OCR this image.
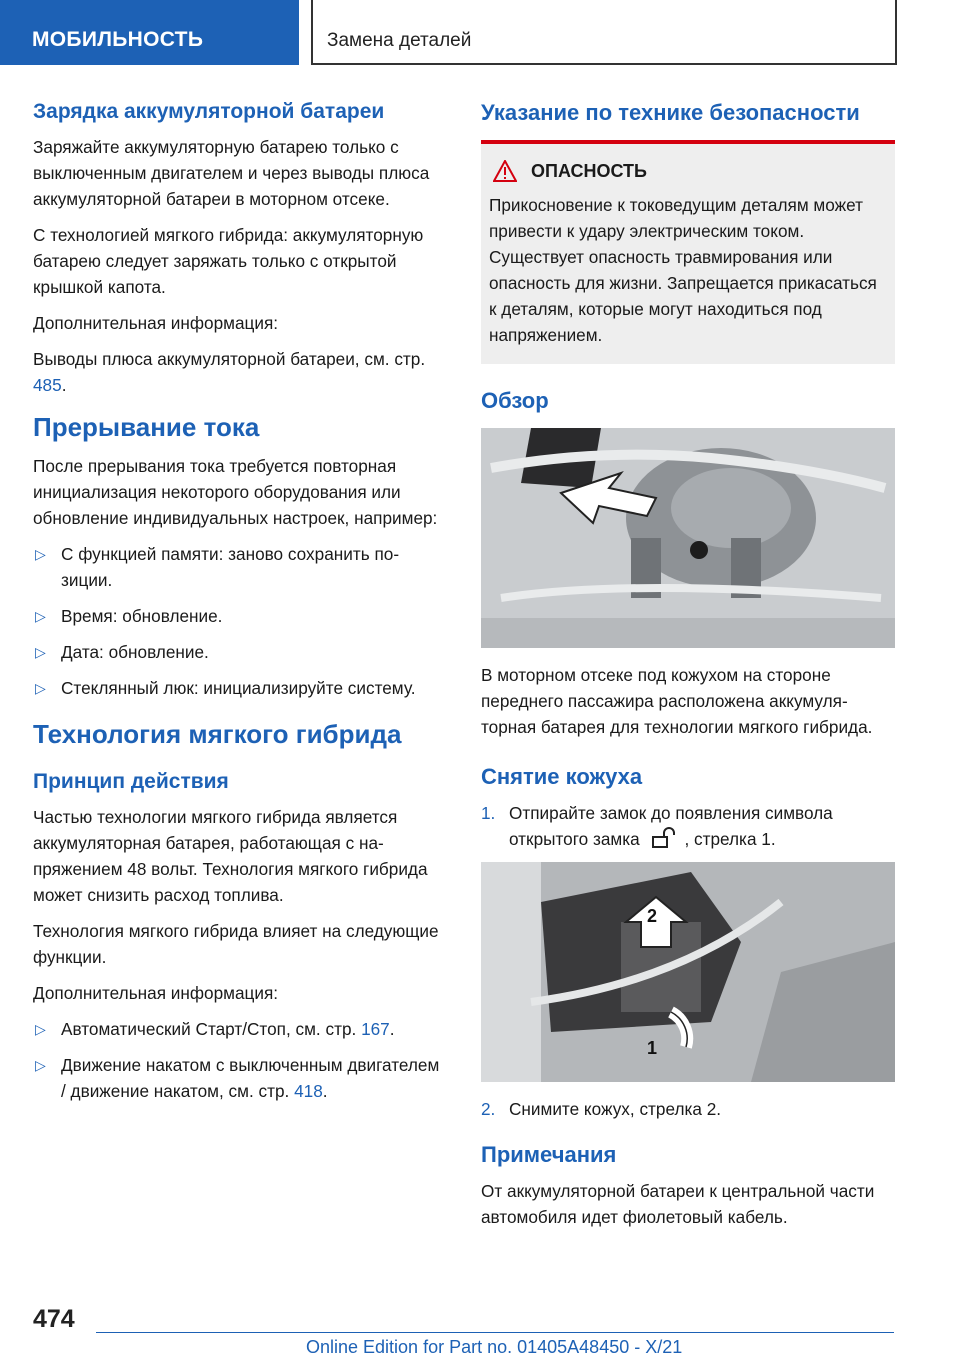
МОБИЛЬНОСТЬ	Замена деталей
Зарядка аккумуляторной батареи

Заряжайте аккумуляторную батарею только с выключенным двигателем и через выводы плюса аккумуляторной батареи в моторном отсеке.

С технологией мягкого гибрида: аккумуляторную батарею следует заряжать только с открытой крышкой капота.

Дополнительная информация:

Выводы плюса аккумуляторной батареи, см. стр. 485.

Прерывание тока

После прерывания тока требуется повторная инициализация некоторого оборудования или обновление индивидуальных настроек, например:

▷ С функцией памяти: заново сохранить позиции.
▷ Время: обновление.
▷ Дата: обновление.
▷ Стеклянный люк: инициализируйте систему.
Технология мягкого гибрида
Принцип действия

Частью технологии мягкого гибрида является аккумуляторная батарея, работающая с напряжением 48 вольт. Технология мягкого гибрида может снизить расход топлива.

Технология мягкого гибрида влияет на следующие функции.

Дополнительная информация:

▷ Автоматический Старт/Стоп, см. стр. 167.
▷ Движение накатом с выключенным двигателем / движение накатом, см. стр. 418.
Указание по технике безопасности
ОПАСНОСТЬ

Прикосновение к токоведущим деталям может привести к удару электрическим током. Существует опасность травмирования или опасность для жизни. Запрещается прикасаться к деталям, которые могут находиться под напряжением.

Обзор

В моторном отсеке под кожухом на стороне переднего пассажира расположена аккумуляторная батарея для технологии мягкого гибрида.

Снятие кожуха
1. Отпирайте замок до появления символа открытого замка	, стрелка 1.
2
1
2. Снимите кожух, стрелка 2.
Примечания

От аккумуляторной батареи к центральной части автомобиля идет фиолетовый кабель.

474
Online Edition for Part no. 01405A48450 - X/21
